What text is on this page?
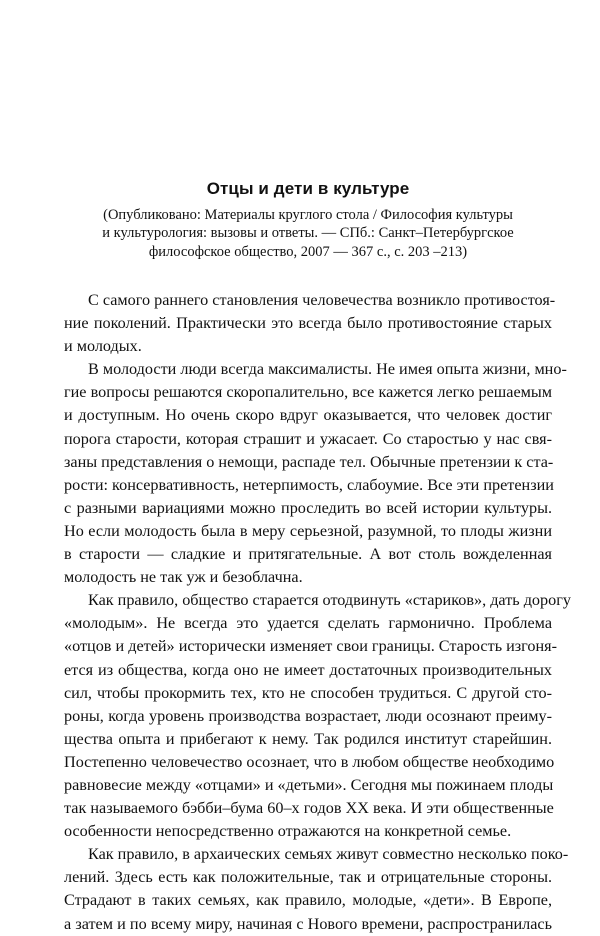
Отцы и дети в культуре
(Опубликовано: Материалы круглого стола / Философия культуры
и культурология: вызовы и ответы. — СПб.: Санкт–Петербургское
философское общество, 2007 — 367 с., с. 203 –213)
С самого раннего становления человечества возникло противостоя-
ние поколений. Практически это всегда было противостояние старых
и молодых.
В молодости люди всегда максималисты. Не имея опыта жизни, мно-
гие вопросы решаются скоропалительно, все кажется легко решаемым
и доступным. Но очень скоро вдруг оказывается, что человек достиг
порога старости, которая страшит и ужасает. Со старостью у нас свя-
заны представления о немощи, распаде тел. Обычные претензии к ста-
рости: консервативность, нетерпимость, слабоумие. Все эти претензии
с разными вариациями можно проследить во всей истории культуры.
Но если молодость была в меру серьезной, разумной, то плоды жизни
в старости — сладкие и притягательные. А вот столь вожделенная
молодость не так уж и безоблачна.
Как правило, общество старается отодвинуть «стариков», дать дорогу
«молодым». Не всегда это удается сделать гармонично. Проблема
«отцов и детей» исторически изменяет свои границы. Старость изгоня-
ется из общества, когда оно не имеет достаточных производительных
сил, чтобы прокормить тех, кто не способен трудиться. С другой сто-
роны, когда уровень производства возрастает, люди осознают преиму-
щества опыта и прибегают к нему. Так родился институт старейшин.
Постепенно человечество осознает, что в любом обществе необходимо
равновесие между «отцами» и «детьми». Сегодня мы пожинаем плоды
так называемого бэбби–бума 60–х годов XX века. И эти общественные
особенности непосредственно отражаются на конкретной семье.
Как правило, в архаических семьях живут совместно несколько поко-
лений. Здесь есть как положительные, так и отрицательные стороны.
Страдают в таких семьях, как правило, молодые, «дети». В Европе,
а затем и по всему миру, начиная с Нового времени, распространилась
